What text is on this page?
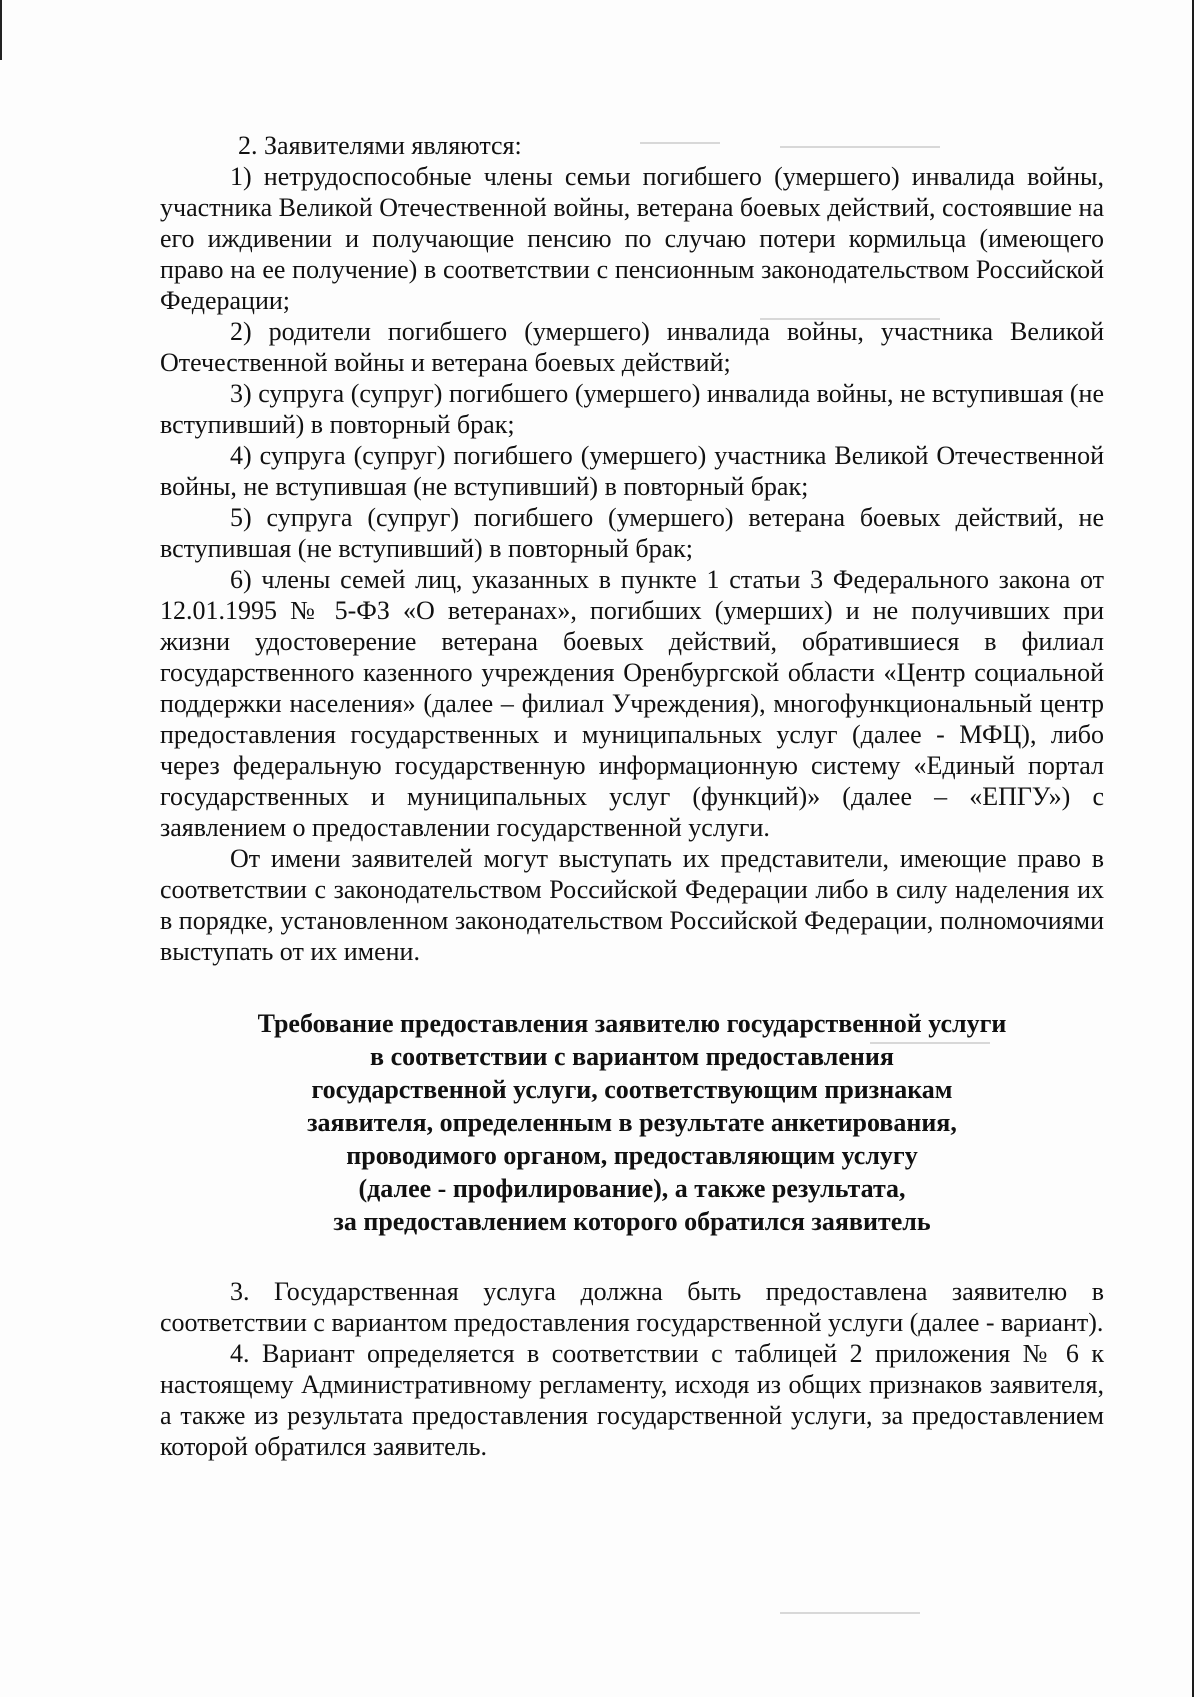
2. Заявителями являются:

1) нетрудоспособные члены семьи погибшего (умершего) инвалида войны, участника Великой Отечественной войны, ветерана боевых действий, состоявшие на его иждивении и получающие пенсию по случаю потери кормильца (имеющего право на ее получение) в соответствии с пенсионным законодательством Российской Федерации;

2) родители погибшего (умершего) инвалида войны, участника Великой Отечественной войны и ветерана боевых действий;

3) супруга (супруг) погибшего (умершего) инвалида войны, не вступившая (не вступивший) в повторный брак;

4) супруга (супруг) погибшего (умершего) участника Великой Отечественной войны, не вступившая (не вступивший) в повторный брак;

5) супруга (супруг) погибшего (умершего) ветерана боевых действий, не вступившая (не вступивший) в повторный брак;

6) члены семей лиц, указанных в пункте 1 статьи 3 Федерального закона от 12.01.1995 № 5-ФЗ «О ветеранах», погибших (умерших) и не получивших при жизни удостоверение ветерана боевых действий, обратившиеся в филиал государственного казенного учреждения Оренбургской области «Центр социальной поддержки населения» (далее – филиал Учреждения), многофункциональный центр предоставления государственных и муниципальных услуг (далее - МФЦ), либо через федеральную государственную информационную систему «Единый портал государственных и муниципальных услуг (функций)» (далее – «ЕПГУ») с заявлением о предоставлении государственной услуги.

От имени заявителей могут выступать их представители, имеющие право в соответствии с законодательством Российской Федерации либо в силу наделения их в порядке, установленном законодательством Российской Федерации, полномочиями выступать от их имени.

Требование предоставления заявителю государственной услуги
в соответствии с вариантом предоставления
государственной услуги, соответствующим признакам
заявителя, определенным в результате анкетирования,
проводимого органом, предоставляющим услугу
(далее - профилирование), а также результата,
за предоставлением которого обратился заявитель

3. Государственная услуга должна быть предоставлена заявителю в соответствии с вариантом предоставления государственной услуги (далее - вариант).

4. Вариант определяется в соответствии с таблицей 2 приложения № 6 к настоящему Административному регламенту, исходя из общих признаков заявителя, а также из результата предоставления государственной услуги, за предоставлением которой обратился заявитель.
